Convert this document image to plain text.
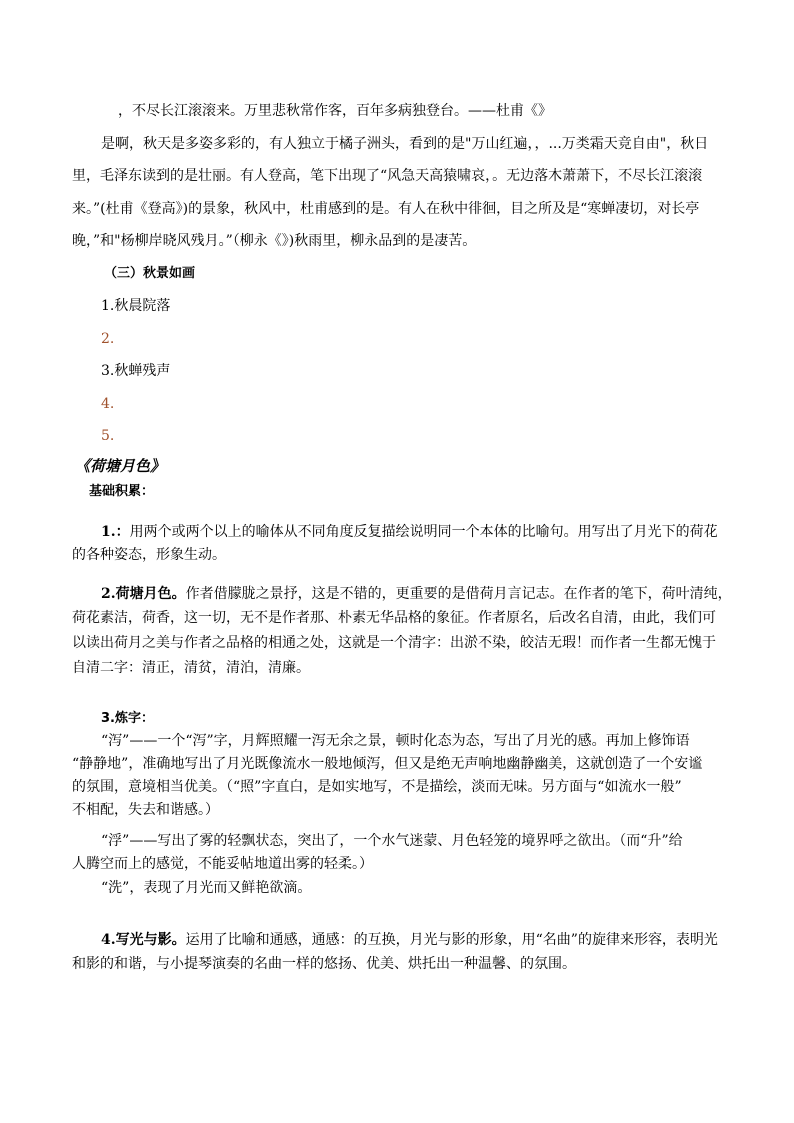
，不尽长江滚滚来。万里悲秋常作客，百年多病独登台。——杜甫《》
是啊，秋天是多姿多彩的，有人独立于橘子洲头，看到的是"万山红遍，，...万类霜天竞自由"，秋日
里，毛泽东读到的是壮丽。有人登高，笔下出现了“风急天高猿啸哀，。无边落木萧萧下，不尽长江滚滚
来。”(杜甫《登高》)的景象，秋风中，杜甫感到的是。有人在秋中徘徊，目之所及是“寒蝉凄切，对长亭
晚，”和"杨柳岸晓风残月。”（柳永《》)秋雨里，柳永品到的是凄苦。
（三）秋景如画
1.秋晨院落
2.
3.秋蝉残声
4.
5.
《荷塘月色》
基础积累：
1.：用两个或两个以上的喻体从不同角度反复描绘说明同一个本体的比喻句。用写出了月光下的荷花
的各种姿态，形象生动。
2.荷塘月色。作者借朦胧之景抒，这是不错的，更重要的是借荷月言记志。在作者的笔下，荷叶清纯，
荷花素洁，荷香，这一切，无不是作者那、朴素无华品格的象征。作者原名，后改名自清，由此，我们可
以读出荷月之美与作者之品格的相通之处，这就是一个清字：出淤不染，皎洁无瑕！而作者一生都无愧于
自清二字：清正，清贫，清泊，清廉。
3.炼字：
“泻”——一个“泻”字，月辉照耀一泻无余之景，顿时化态为态，写出了月光的感。再加上修饰语
“静静地”，准确地写出了月光既像流水一般地倾泻，但又是绝无声响地幽静幽美，这就创造了一个安谧
的氛围，意境相当优美。（“照”字直白，是如实地写，不是描绘，淡而无味。另方面与“如流水一般”
不相配，失去和谐感。）
“浮”——写出了雾的轻飘状态，突出了，一个水气迷蒙、月色轻笼的境界呼之欲出。（而“升”给
人腾空而上的感觉，不能妥帖地道出雾的轻柔。）
“洗”，表现了月光而又鲜艳欲滴。
4.写光与影。运用了比喻和通感，通感：的互换，月光与影的形象，用“名曲”的旋律来形容，表明光
和影的和谐，与小提琴演奏的名曲一样的悠扬、优美、烘托出一种温馨、的氛围。
